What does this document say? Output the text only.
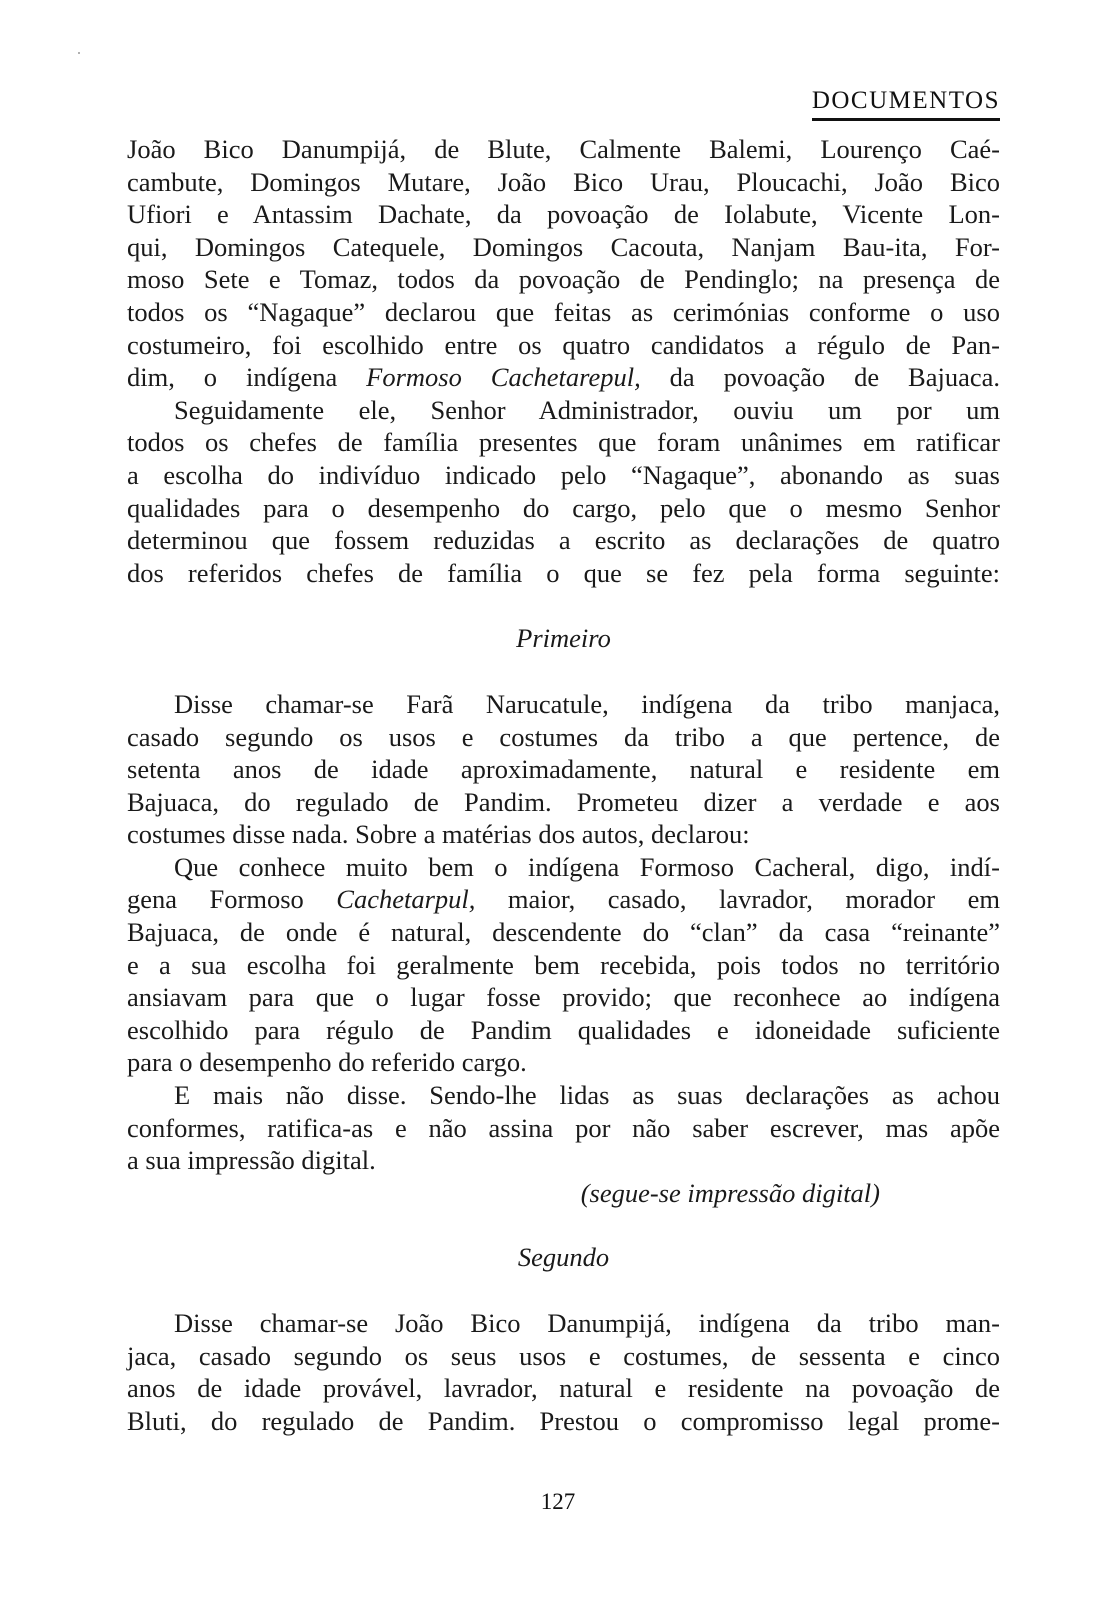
DOCUMENTOS
João Bico Danumpijá, de Blute, Calmente Balemi, Lourenço Caé-
cambute, Domingos Mutare, João Bico Urau, Ploucachi, João Bico
Ufiori e Antassim Dachate, da povoação de Iolabute, Vicente Lon-
qui, Domingos Catequele, Domingos Cacouta, Nanjam Bau-ita, For-
moso Sete e Tomaz, todos da povoação de Pendinglo; na presença de
todos os “Nagaque” declarou que feitas as cerimónias conforme o uso
costumeiro, foi escolhido entre os quatro candidatos a régulo de Pan-
dim, o indígena Formoso Cachetarepul, da povoação de Bajuaca.
Seguidamente ele, Senhor Administrador, ouviu um por um
todos os chefes de família presentes que foram unânimes em ratificar
a escolha do indivíduo indicado pelo “Nagaque”, abonando as suas
qualidades para o desempenho do cargo, pelo que o mesmo Senhor
determinou que fossem reduzidas a escrito as declarações de quatro
dos referidos chefes de família o que se fez pela forma seguinte:
Primeiro
Disse chamar-se Farã Narucatule, indígena da tribo manjaca,
casado segundo os usos e costumes da tribo a que pertence, de
setenta anos de idade aproximadamente, natural e residente em
Bajuaca, do regulado de Pandim. Prometeu dizer a verdade e aos
costumes disse nada. Sobre a matérias dos autos, declarou:
Que conhece muito bem o indígena Formoso Cacheral, digo, indí-
gena Formoso Cachetarpul, maior, casado, lavrador, morador em
Bajuaca, de onde é natural, descendente do “clan” da casa “reinante”
e a sua escolha foi geralmente bem recebida, pois todos no território
ansiavam para que o lugar fosse provido; que reconhece ao indígena
escolhido para régulo de Pandim qualidades e idoneidade suficiente
para o desempenho do referido cargo.
E mais não disse. Sendo-lhe lidas as suas declarações as achou
conformes, ratifica-as e não assina por não saber escrever, mas apõe
a sua impressão digital.
(segue-se impressão digital)
Segundo
Disse chamar-se João Bico Danumpijá, indígena da tribo man-
jaca, casado segundo os seus usos e costumes, de sessenta e cinco
anos de idade provável, lavrador, natural e residente na povoação de
Bluti, do regulado de Pandim. Prestou o compromisso legal prome-
127
